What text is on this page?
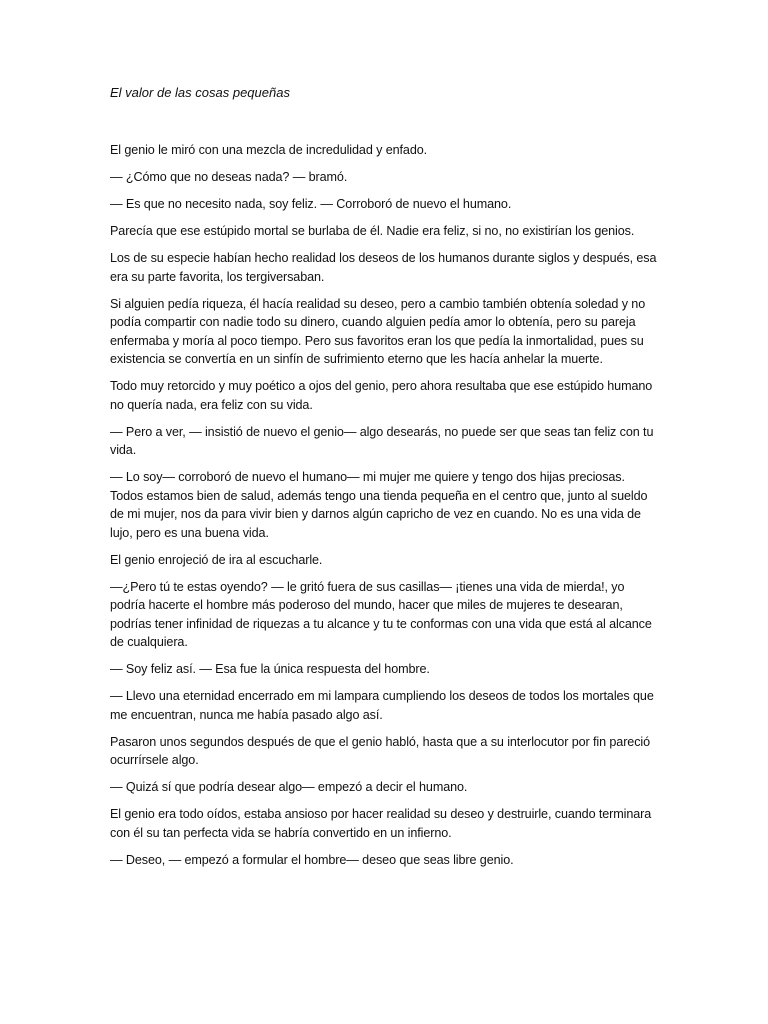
El valor de las cosas pequeñas

El genio le miró con una mezcla de incredulidad y enfado.

— ¿Cómo que no deseas nada? — bramó.

— Es que no necesito nada, soy feliz. — Corroboró de nuevo el humano.

Parecía que ese estúpido mortal se burlaba de él. Nadie era feliz, si no, no existirían los genios.

Los de su especie habían hecho realidad los deseos de los humanos durante siglos y después, esa era su parte favorita, los tergiversaban.

Si alguien pedía riqueza, él hacía realidad su deseo, pero a cambio también obtenía soledad y no podía compartir con nadie todo su dinero, cuando alguien pedía amor lo obtenía, pero su pareja enfermaba y moría al poco tiempo. Pero sus favoritos eran los que pedía la inmortalidad, pues su existencia se convertía en un sinfín de sufrimiento eterno que les hacía anhelar la muerte.

Todo muy retorcido y muy poético a ojos del genio, pero ahora resultaba que ese estúpido humano no quería nada, era feliz con su vida.

— Pero a ver, — insistió de nuevo el genio— algo desearás, no puede ser que seas tan feliz con tu vida.

— Lo soy— corroboró de nuevo el humano— mi mujer me quiere y tengo dos hijas preciosas. Todos estamos bien de salud, además tengo una tienda pequeña en el centro que, junto al sueldo de mi mujer, nos da para vivir bien y darnos algún capricho de vez en cuando. No es una vida de lujo, pero es una buena vida.

El genio enrojeció de ira al escucharle.

—¿Pero tú te estas oyendo? — le gritó fuera de sus casillas— ¡tienes una vida de mierda!, yo podría hacerte el hombre más poderoso del mundo, hacer que miles de mujeres te desearan, podrías tener infinidad de riquezas a tu alcance y tu te conformas con una vida que está al alcance de cualquiera.

— Soy feliz así. — Esa fue la única respuesta del hombre.

— Llevo una eternidad encerrado em mi lampara cumpliendo los deseos de todos los mortales que me encuentran, nunca me había pasado algo así.

Pasaron unos segundos después de que el genio habló, hasta que a su interlocutor por fin pareció ocurrírsele algo.

— Quizá sí que podría desear algo— empezó a decir el humano.

El genio era todo oídos, estaba ansioso por hacer realidad su deseo y destruirle, cuando terminara con él su tan perfecta vida se habría convertido en un infierno.

— Deseo, — empezó a formular el hombre— deseo que seas libre genio.
